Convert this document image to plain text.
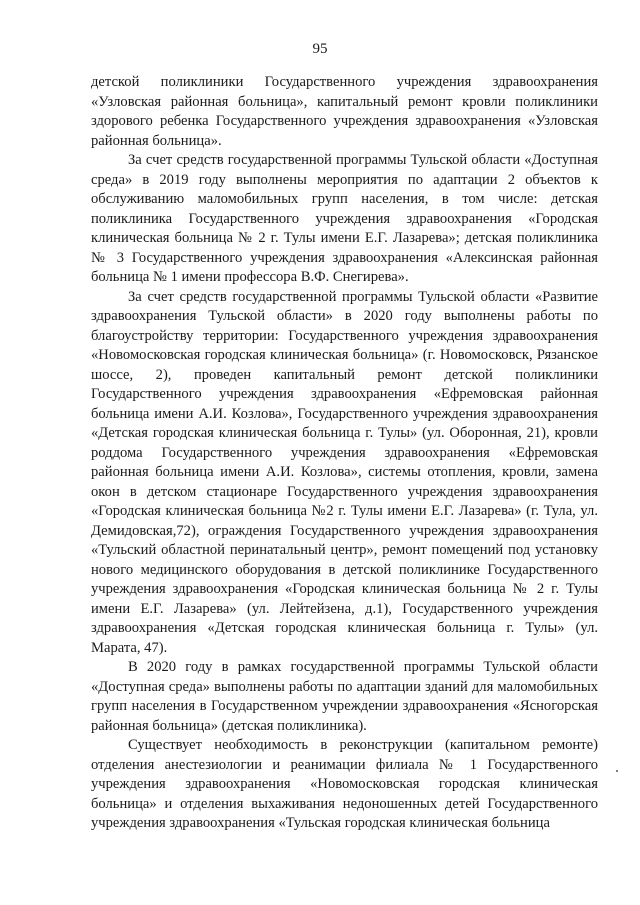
95

детской поликлиники Государственного учреждения здравоохранения «Узловская районная больница», капитальный ремонт кровли поликлиники здорового ребенка Государственного учреждения здравоохранения «Узловская районная больница».

За счет средств государственной программы Тульской области «Доступная среда» в 2019 году выполнены мероприятия по адаптации 2 объектов к обслуживанию маломобильных групп населения, в том числе: детская поликлиника Государственного учреждения здравоохранения «Городская клиническая больница № 2 г. Тулы имени Е.Г. Лазарева»; детская поликлиника № 3 Государственного учреждения здравоохранения «Алексинская районная больница № 1 имени профессора В.Ф. Снегирева».

За счет средств государственной программы Тульской области «Развитие здравоохранения Тульской области» в 2020 году выполнены работы по благоустройству территории: Государственного учреждения здравоохранения «Новомосковская городская клиническая больница» (г. Новомосковск, Рязанское шоссе, 2), проведен капитальный ремонт детской поликлиники Государственного учреждения здравоохранения «Ефремовская районная больница имени А.И. Козлова», Государственного учреждения здравоохранения «Детская городская клиническая больница г. Тулы» (ул. Оборонная, 21), кровли роддома Государственного учреждения здравоохранения «Ефремовская районная больница имени А.И. Козлова», системы отопления, кровли, замена окон в детском стационаре Государственного учреждения здравоохранения «Городская клиническая больница №2 г. Тулы имени Е.Г. Лазарева» (г. Тула, ул. Демидовская,72), ограждения Государственного учреждения здравоохранения «Тульский областной перинатальный центр», ремонт помещений под установку нового медицинского оборудования в детской поликлинике Государственного учреждения здравоохранения «Городская клиническая больница № 2 г. Тулы имени Е.Г. Лазарева» (ул. Лейтейзена, д.1), Государственного учреждения здравоохранения «Детская городская клиническая больница г. Тулы» (ул. Марата, 47).

В 2020 году в рамках государственной программы Тульской области «Доступная среда» выполнены работы по адаптации зданий для маломобильных групп населения в Государственном учреждении здравоохранения «Ясногорская районная больница» (детская поликлиника).

Существует необходимость в реконструкции (капитальном ремонте) отделения анестезиологии и реанимации филиала № 1 Государственного учреждения здравоохранения «Новомосковская городская клиническая больница» и отделения выхаживания недоношенных детей Государственного учреждения здравоохранения «Тульская городская клиническая больница
